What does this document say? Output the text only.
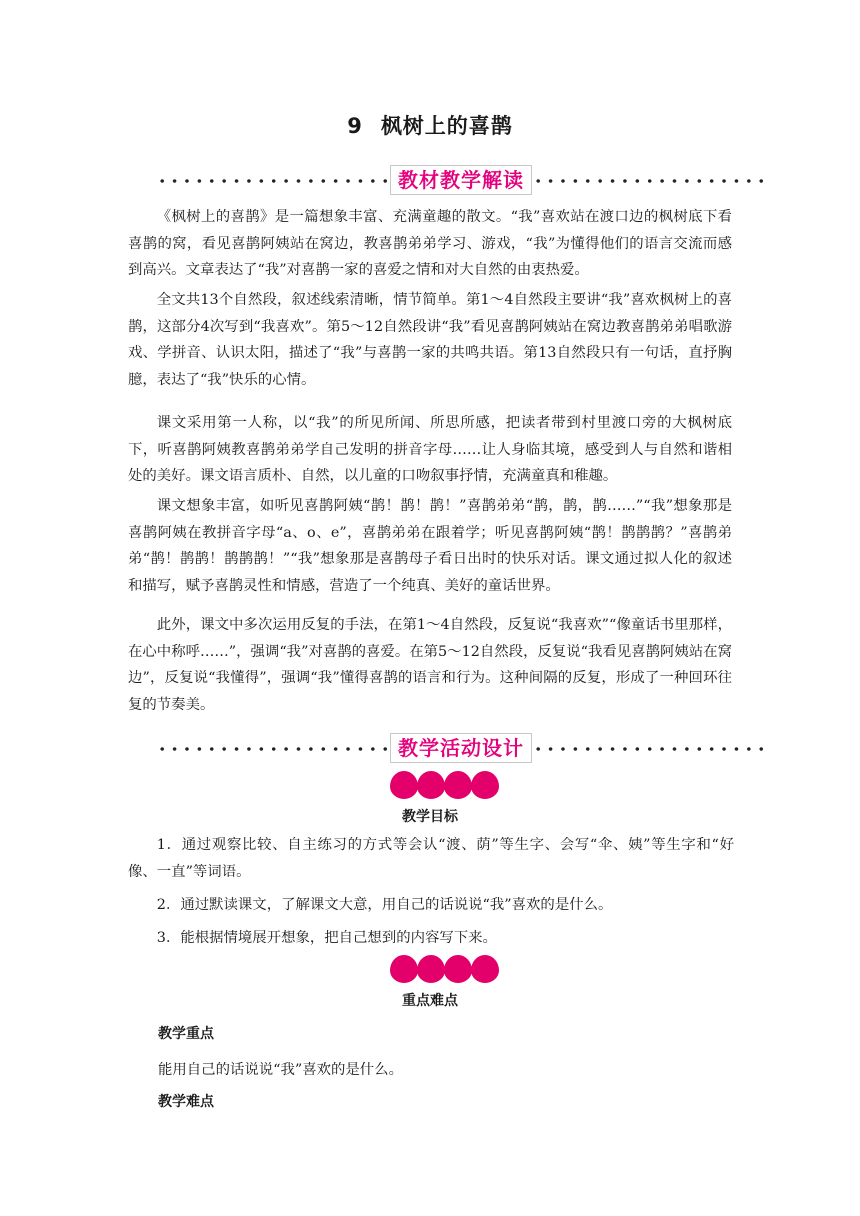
9 枫树上的喜鹊
教材教学解读

《枫树上的喜鹊》是一篇想象丰富、充满童趣的散文。“我”喜欢站在渡口边的枫树底下看喜鹊的窝，看见喜鹊阿姨站在窝边，教喜鹊弟弟学习、游戏，“我”为懂得他们的语言交流而感到高兴。文章表达了“我”对喜鹊一家的喜爱之情和对大自然的由衷热爱。

全文共13个自然段，叙述线索清晰，情节简单。第1～4自然段主要讲“我”喜欢枫树上的喜鹊，这部分4次写到“我喜欢”。第5～12自然段讲“我”看见喜鹊阿姨站在窝边教喜鹊弟弟唱歌游戏、学拼音、认识太阳，描述了“我”与喜鹊一家的共鸣共语。第13自然段只有一句话，直抒胸臆，表达了“我”快乐的心情。

课文采用第一人称，以“我”的所见所闻、所思所感，把读者带到村里渡口旁的大枫树底下，听喜鹊阿姨教喜鹊弟弟学自己发明的拼音字母……让人身临其境，感受到人与自然和谐相处的美好。课文语言质朴、自然，以儿童的口吻叙事抒情，充满童真和稚趣。

课文想象丰富，如听见喜鹊阿姨“鹊！鹊！鹊！”喜鹊弟弟“鹊，鹊，鹊……”“我”想象那是喜鹊阿姨在教拼音字母“a、o、e”，喜鹊弟弟在跟着学；听见喜鹊阿姨“鹊！鹊鹊鹊？”喜鹊弟弟“鹊！鹊鹊！鹊鹊鹊！”“我”想象那是喜鹊母子看日出时的快乐对话。课文通过拟人化的叙述和描写，赋予喜鹊灵性和情感，营造了一个纯真、美好的童话世界。

此外，课文中多次运用反复的手法，在第1～4自然段，反复说“我喜欢”“像童话书里那样，在心中称呼……”，强调“我”对喜鹊的喜爱。在第5～12自然段，反复说“我看见喜鹊阿姨站在窝边”，反复说“我懂得”，强调“我”懂得喜鹊的语言和行为。这种间隔的反复，形成了一种回环往复的节奏美。

教学活动设计
教学目标

1．通过观察比较、自主练习的方式等会认“渡、荫”等生字、会写“伞、姨”等生字和“好像、一直”等词语。

2．通过默读课文，了解课文大意，用自己的话说说“我”喜欢的是什么。

3．能根据情境展开想象，把自己想到的内容写下来。

重点难点
教学重点
能用自己的话说说“我”喜欢的是什么。
教学难点
